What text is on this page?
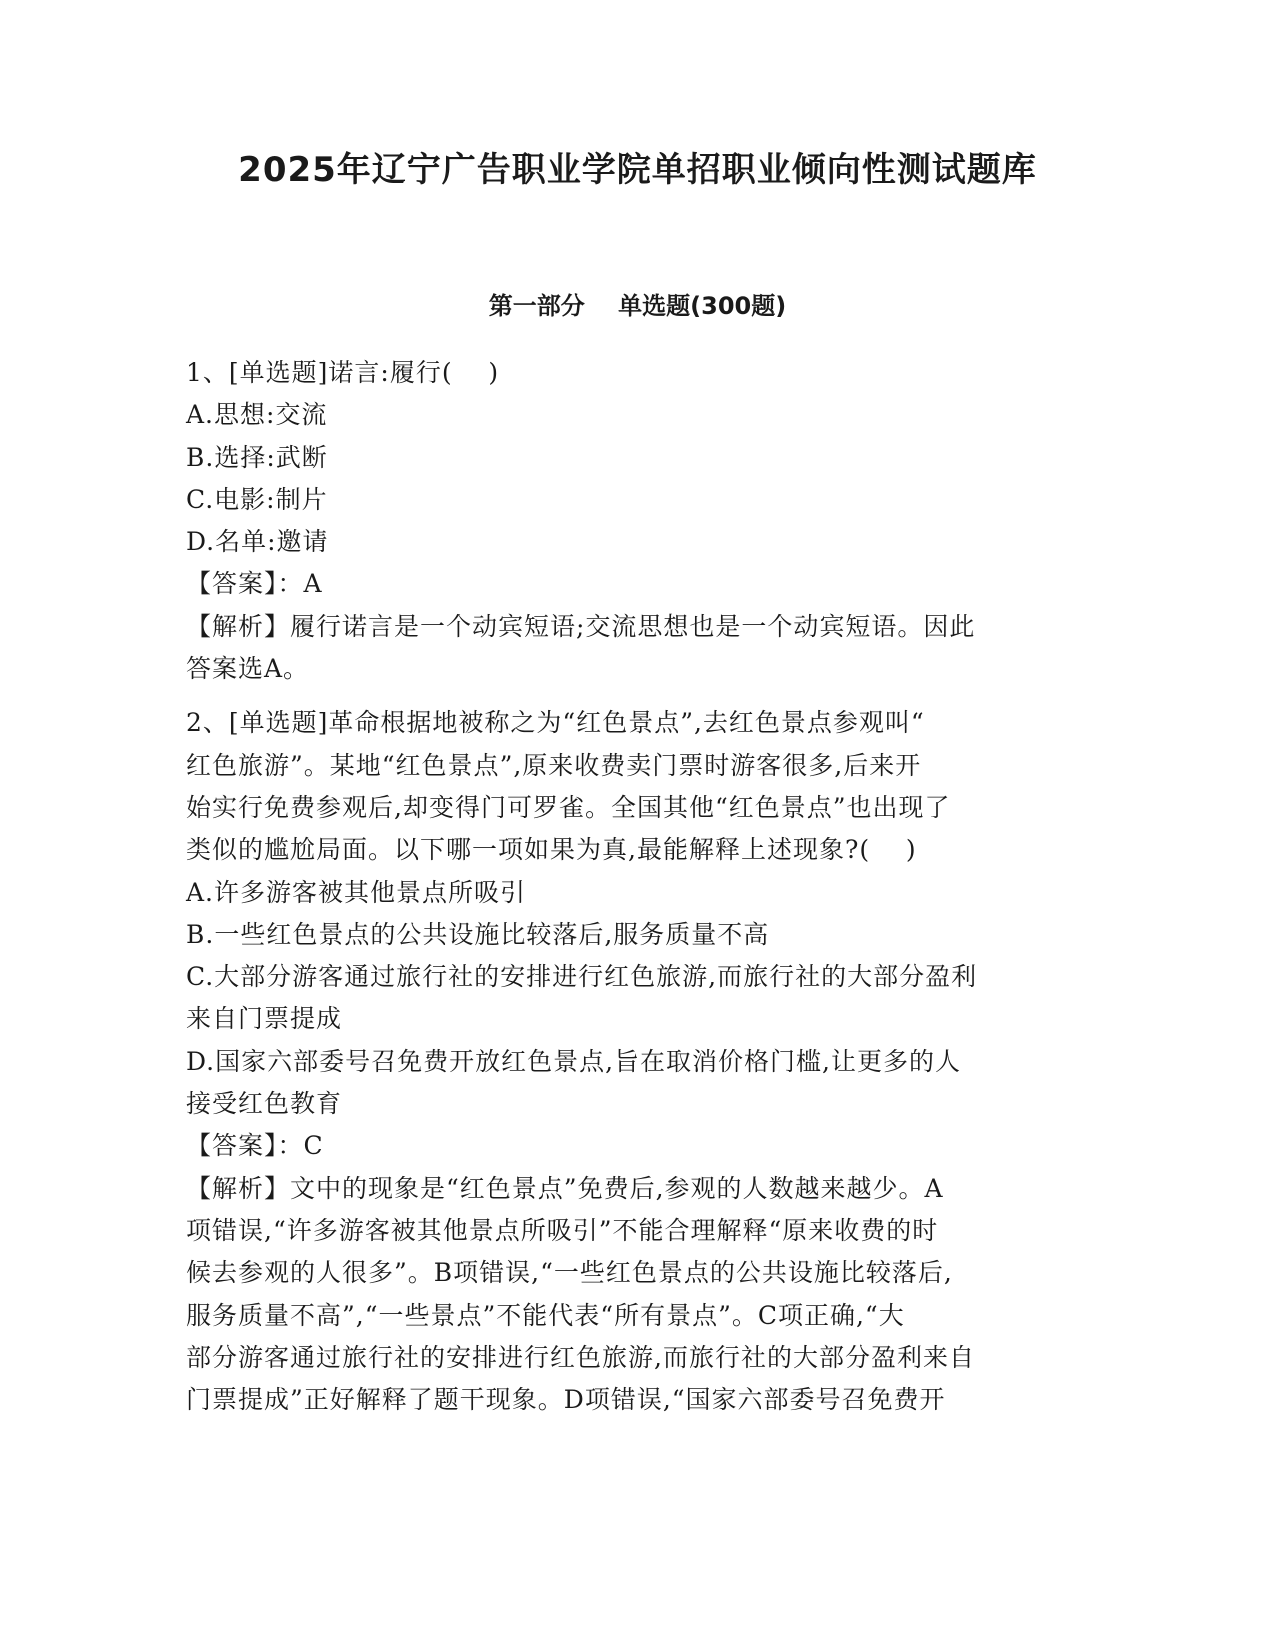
2025年辽宁广告职业学院单招职业倾向性测试题库
第一部分    单选题(300题)
1、[单选题]诺言:履行(    )
A.思想:交流
B.选择:武断
C.电影:制片
D.名单:邀请
【答案】：A
【解析】履行诺言是一个动宾短语;交流思想也是一个动宾短语。因此
答案选A。
2、[单选题]革命根据地被称之为“红色景点”,去红色景点参观叫“
红色旅游”。某地“红色景点”,原来收费卖门票时游客很多,后来开
始实行免费参观后,却变得门可罗雀。全国其他“红色景点”也出现了
类似的尴尬局面。以下哪一项如果为真,最能解释上述现象?(    )
A.许多游客被其他景点所吸引
B.一些红色景点的公共设施比较落后,服务质量不高
C.大部分游客通过旅行社的安排进行红色旅游,而旅行社的大部分盈利
来自门票提成
D.国家六部委号召免费开放红色景点,旨在取消价格门槛,让更多的人
接受红色教育
【答案】：C
【解析】文中的现象是“红色景点”免费后,参观的人数越来越少。A
项错误,“许多游客被其他景点所吸引”不能合理解释“原来收费的时
候去参观的人很多”。B项错误,“一些红色景点的公共设施比较落后,
服务质量不高”,“一些景点”不能代表“所有景点”。C项正确,“大
部分游客通过旅行社的安排进行红色旅游,而旅行社的大部分盈利来自
门票提成”正好解释了题干现象。D项错误,“国家六部委号召免费开
